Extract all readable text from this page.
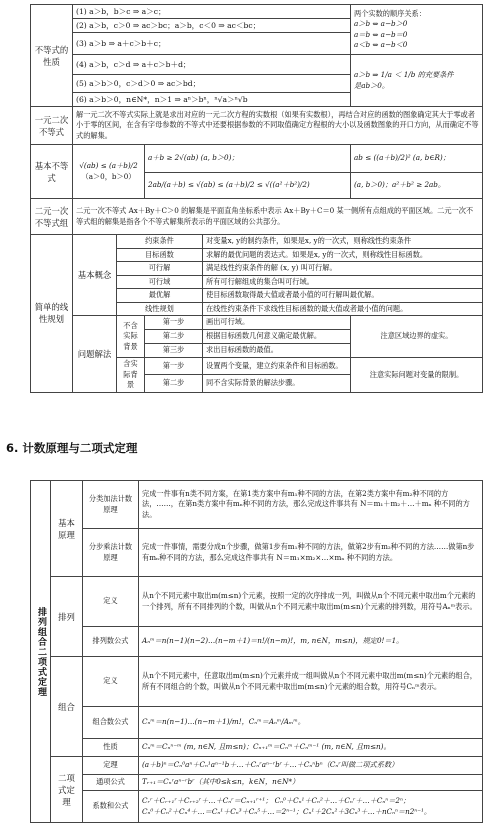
不等式的性质	(1) a＞b，b＞c ⇒ a＞c；				两个实数的顺序关系：
a＞b ⇔ a−b＞0
a＝b ⇔ a−b＝0
a＜b ⇔ a−b＜0

	(2) a＞b，c＞0 ⇒ ac＞bc；a＞b，c＜0 ⇒ ac＜bc；				
	(3) a＞b ⇒ a＋c＞b＋c；				
	(4) a＞b，c＞d ⇒ a＋c＞b＋d；				a＞b ⇒ 1/a ＜ 1/b 的充要条件
是ab＞0。

	(5) a＞b＞0，c＞d＞0 ⇒ ac＞bd；				
	(6) a＞b＞0，n∈N*，n＞1 ⇒ aⁿ＞bⁿ，ⁿ√a＞ⁿ√b				
一元二次不等式	解一元二次不等式实际上就是求出对应的一元二次方程的实数根（如果有实数根），再结合对应的函数的图象确定其大于零或者小于零的区间，在含有字母参数的不等式中还要根据参数的不同取值确定方程根的大小以及函数图象的开口方向，从而确定不等式的解集。				
基本不等式	√(ab) ≤ (a＋b)/2
（a＞0，b＞0）		a＋b ≥ 2√(ab) (a, b＞0)；		ab ≤ ((a＋b)/2)² (a, b∈R)；
			2ab/(a＋b) ≤ √(ab) ≤ (a＋b)/2 ≤ √((a²＋b²)/2)		(a, b＞0)；a²＋b² ≥ 2ab。
二元一次不等式组	二元一次不等式 Ax＋By＋C＞0 的解集是平面直角坐标系中表示 Ax＋By＋C＝0 某一侧所有点组成的平面区域。二元一次不等式组的解集是指各个不等式解集所表示的平面区域的公共部分。				
简单的线性规划	基本概念	约束条件		对变量x, y的制约条件，如果是x, y的一次式，则称线性约束条件	
		目标函数		求解的最优问题的表达式。如果是x, y的一次式，则称线性目标函数。	
		可行解		满足线性约束条件的解 (x, y) 叫可行解。	
		可行域		所有可行解组成的集合叫可行域。	
		最优解		使目标函数取得最大值或者最小值的可行解叫最优解。	
		线性规划		在线性约束条件下求线性目标函数的最大值或者最小值的问题。	
	问题解法	不含实际背景	第一步	画出可行域。	注意区域边界的虚实。
			第二步	根据目标函数几何意义确定最优解。	
			第三步	求出目标函数的最值。	
		含实际背景	第一步	设置两个变量，建立约束条件和目标函数。	注意实际问题对变量的限制。
			第二步	同不含实际背景的解法步骤。	
6. 计数原理与二项式定理
排列组合二项式定理	基本原理	分类加法计数原理	完成一件事有n类不同方案，在第1类方案中有m₁种不同的方法，在第2类方案中有m₂种不同的方法，……，在第n类方案中有mₙ种不同的方法，那么完成这件事共有 N＝m₁＋m₂＋…＋mₙ 种不同的方法。
		分步乘法计数原理	完成一件事情，需要分成n个步骤，做第1步有m₁种不同的方法，做第2步有m₂种不同的方法……做第n步有mₙ种不同的方法，那么完成这件事共有 N＝m₁×m₂×…×mₙ 种不同的方法。
	排列	定义	从n个不同元素中取出m(m≤n)个元素，按照一定的次序排成一列，叫做从n个不同元素中取出m个元素的一个排列，所有不同排列的个数，叫做从n个不同元素中取出m(m≤n)个元素的排列数，用符号Aₙᵐ表示。
		排列数公式	Aₙᵐ＝n(n−1)(n−2)…(n−m＋1)＝n!/(n−m)!，m, n∈N，m≤n)，规定0!＝1。
	组合	定义	从n个不同元素中，任意取出m(m≤n)个元素并成一组叫做从n个不同元素中取出m(m≤n)个元素的组合，所有不同组合的个数，叫做从n个不同元素中取出m(m≤n)个元素的组合数，用符号Cₙᵐ表示。
		组合数公式	Cₙᵐ＝n(n−1)…(n−m＋1)/m!，Cₙᵐ＝Aₙᵐ/Aₘᵐ。
		性质	Cₙᵐ＝Cₙⁿ⁻ᵐ (m, n∈N, 且m≤n)；Cₙ₊₁ᵐ＝Cₙᵐ＋Cₙᵐ⁻¹ (m, n∈N, 且m≤n)。
	二项式定理	定理	(a＋b)ⁿ＝Cₙ⁰aⁿ＋Cₙ¹aⁿ⁻¹b＋…＋Cₙʳaⁿ⁻ʳbʳ＋…＋Cₙⁿbⁿ（Cₙʳ叫做二项式系数）
		通项公式	Tᵣ₊₁＝Cₙʳaⁿ⁻ʳbʳ（其中0≤k≤n，k∈N，n∈N*）
		系数和公式	Cᵣʳ＋Cᵣ₊₁ʳ＋Cᵣ₊₂ʳ＋…＋Cₙʳ＝Cₙ₊₁ʳ⁺¹； Cₙ⁰＋Cₙ¹＋Cₙ²＋…＋Cₙʳ＋…＋Cₙⁿ＝2ⁿ；
Cₙ⁰＋Cₙ²＋Cₙ⁴＋…＝Cₙ¹＋Cₙ³＋Cₙ⁵＋…＝2ⁿ⁻¹；Cₙ¹＋2Cₙ²＋3Cₙ³＋…＋nCₙⁿ＝n2ⁿ⁻¹。
